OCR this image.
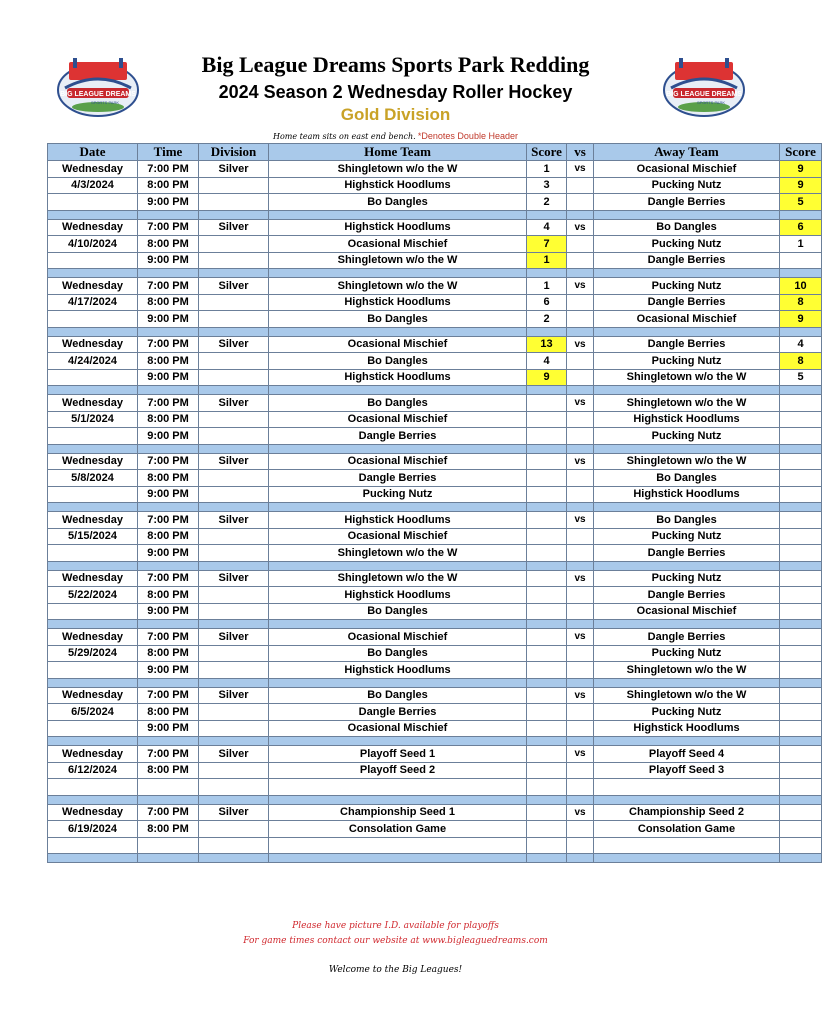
BIG LEAGUE DREAMS
SPORTS PARK
BIG LEAGUE DREAMS
SPORTS PARK
Big League Dreams Sports Park Redding
2024 Season 2 Wednesday Roller Hockey
Gold Division
Home team sits on east end bench. *Denotes Double Header
Date	Time	Division	Home Team	Score	vs	Away Team	Score
Wednesday	7:00 PM	Silver	Shingletown w/o the W	1	vs	Ocasional Mischief	9
4/3/2024	8:00 PM		Highstick Hoodlums	3		Pucking Nutz	9
	9:00 PM		Bo Dangles	2		Dangle Berries	5

Wednesday	7:00 PM	Silver	Highstick Hoodlums	4	vs	Bo Dangles	6
4/10/2024	8:00 PM		Ocasional Mischief	7		Pucking Nutz	1
	9:00 PM		Shingletown w/o the W	1		Dangle Berries	

Wednesday	7:00 PM	Silver	Shingletown w/o the W	1	vs	Pucking Nutz	10
4/17/2024	8:00 PM		Highstick Hoodlums	6		Dangle Berries	8
	9:00 PM		Bo Dangles	2		Ocasional Mischief	9

Wednesday	7:00 PM	Silver	Ocasional Mischief	13	vs	Dangle Berries	4
4/24/2024	8:00 PM		Bo Dangles	4		Pucking Nutz	8
	9:00 PM		Highstick Hoodlums	9		Shingletown w/o the W	5

Wednesday	7:00 PM	Silver	Bo Dangles		vs	Shingletown w/o the W	
5/1/2024	8:00 PM		Ocasional Mischief			Highstick Hoodlums	
	9:00 PM		Dangle Berries			Pucking Nutz	

Wednesday	7:00 PM	Silver	Ocasional Mischief		vs	Shingletown w/o the W	
5/8/2024	8:00 PM		Dangle Berries			Bo Dangles	
	9:00 PM		Pucking Nutz			Highstick Hoodlums	

Wednesday	7:00 PM	Silver	Highstick Hoodlums		vs	Bo Dangles	
5/15/2024	8:00 PM		Ocasional Mischief			Pucking Nutz	
	9:00 PM		Shingletown w/o the W			Dangle Berries	

Wednesday	7:00 PM	Silver	Shingletown w/o the W		vs	Pucking Nutz	
5/22/2024	8:00 PM		Highstick Hoodlums			Dangle Berries	
	9:00 PM		Bo Dangles			Ocasional Mischief	

Wednesday	7:00 PM	Silver	Ocasional Mischief		vs	Dangle Berries	
5/29/2024	8:00 PM		Bo Dangles			Pucking Nutz	
	9:00 PM		Highstick Hoodlums			Shingletown w/o the W	

Wednesday	7:00 PM	Silver	Bo Dangles		vs	Shingletown w/o the W	
6/5/2024	8:00 PM		Dangle Berries			Pucking Nutz	
	9:00 PM		Ocasional Mischief			Highstick Hoodlums	

Wednesday	7:00 PM	Silver	Playoff Seed 1		vs	Playoff Seed 4	
6/12/2024	8:00 PM		Playoff Seed 2			Playoff Seed 3	

Wednesday	7:00 PM	Silver	Championship Seed 1		vs	Championship Seed 2	
6/19/2024	8:00 PM		Consolation Game			Consolation Game	

Please have picture I.D. available for playoffs
For game times contact our website at www.bigleaguedreams.com
Welcome to the Big Leagues!
